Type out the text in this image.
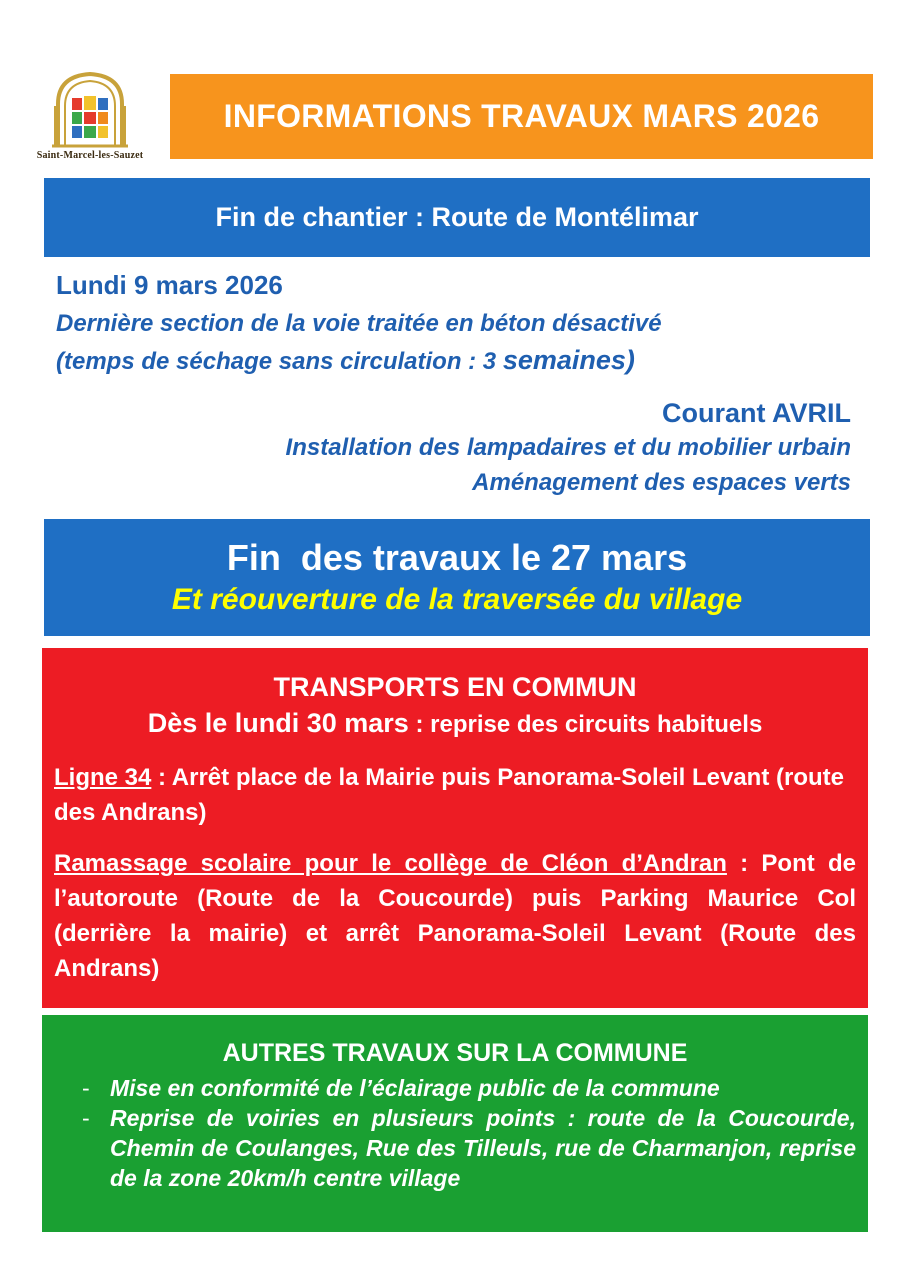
Saint-Marcel-les-Sauzet
INFORMATIONS TRAVAUX MARS 2026
Fin de chantier : Route de Montélimar
Lundi 9 mars 2026
Dernière section de la voie traitée en béton désactivé
(temps de séchage sans circulation : 3 semaines)
Courant AVRIL
Installation des lampadaires et du mobilier urbain
Aménagement des espaces verts
Fin  des travaux le 27 mars
Et réouverture de la traversée du village
TRANSPORTS EN COMMUN
Dès le lundi 30 mars : reprise des circuits habituels
Ligne 34 : Arrêt place de la Mairie puis Panorama-Soleil Levant (route des Andrans)
Ramassage scolaire pour le collège de Cléon d’Andran : Pont de l’autoroute (Route de la Coucourde) puis Parking Maurice Col (derrière la mairie) et arrêt Panorama-Soleil Levant (Route des Andrans)
AUTRES TRAVAUX SUR LA COMMUNE
- Mise en conformité de l’éclairage public de la commune
- Reprise de voiries en plusieurs points : route de la Coucourde, Chemin de Coulanges, Rue des Tilleuls, rue de Charmanjon, reprise de la zone 20km/h centre village
